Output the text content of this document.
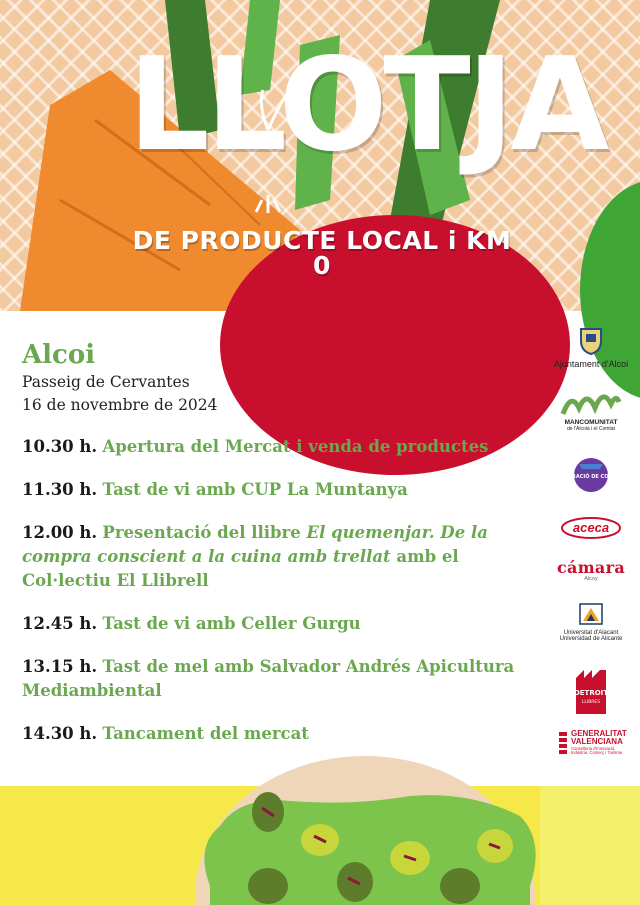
LLOTJA
DE PRODUCTE LOCAL i KM 0
Alcoi
Passeig de Cervantes
16 de novembre de 2024
10.30 h. Apertura del Mercat i venda de productes
11.30 h. Tast de vi amb CUP La Muntanya
12.00 h. Presentació del llibre El quemenjar. De la compra conscient a la cuina amb trellat amb el Col·lectiu El Llibrell
12.45 h. Tast de vi amb Celler Gurgu
13.15 h. Tast de mel amb Salvador Andrés Apicultura Mediambiental
14.30 h. Tancament del mercat
Ajuntament d'Alcoi
MANCOMUNITAT
de l'Alcoià i el Comtat
FEDERACIÓ DE COMERÇ
aceca
cámara
Alcoy
Universitat d'Alacant
Universidad de Alicante
DETROIT
LLIBRES
GENERALITAT
VALENCIANA
Conselleria d'Innovació, Indústria, Comerç i Turisme
